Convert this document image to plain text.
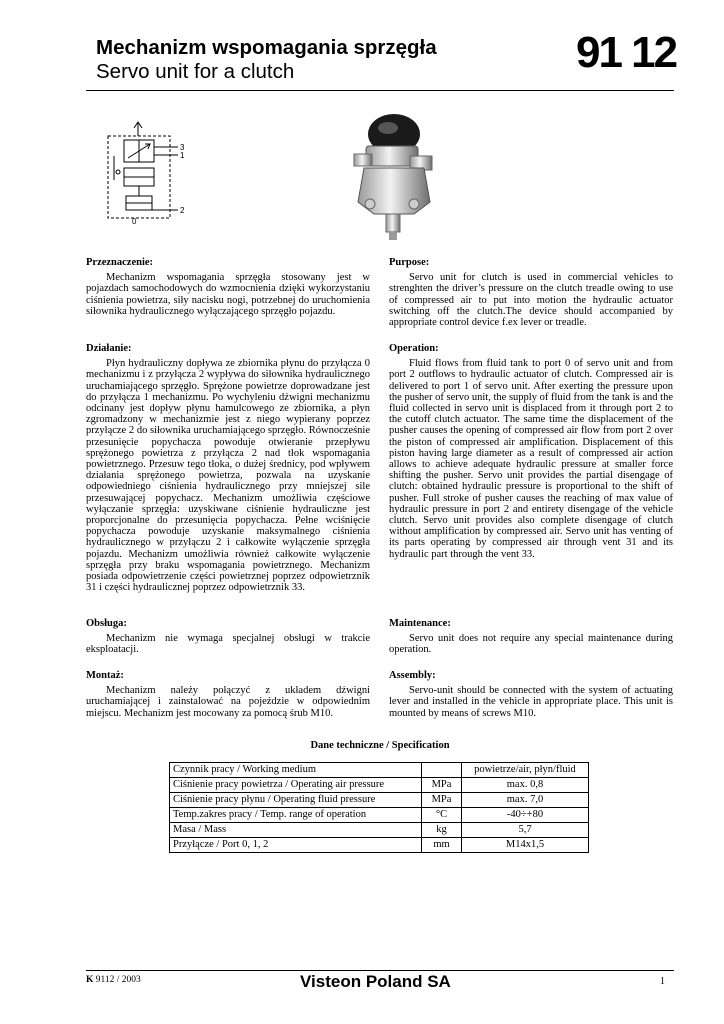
Mechanizm wspomagania sprzęgła
Servo unit for a clutch	91 12
3
1
2
0
Przeznaczenie:

Mechanizm wspomagania sprzęgła stosowany jest w pojazdach samochodowych do wzmocnienia dzięki wykorzystaniu ciśnienia powietrza, siły nacisku nogi, potrzebnej do uruchomienia siłownika hydraulicznego wyłączającego sprzęgło pojazdu.

Działanie:

Płyn hydrauliczny dopływa ze zbiornika płynu do przyłącza 0 mechanizmu i z przyłącza 2 wypływa do siłownika hydraulicznego uruchamiającego sprzęgło. Sprężone powietrze doprowadzane jest do przyłącza 1 mechanizmu. Po wychyleniu dźwigni mechanizmu odcinany jest dopływ płynu hamulcowego ze zbiornika, a płyn zgromadzony w mechanizmie jest z niego wypierany poprzez przyłącze 2 do siłownika uruchamiającego sprzęgło. Równocześnie przesunięcie popychacza powoduje otwieranie przepływu sprężonego powietrza z przyłącza 2 nad tłok wspomagania powietrznego. Przesuw tego tłoka, o dużej średnicy, pod wpływem działania sprężonego powietrza, pozwala na uzyskanie odpowiedniego ciśnienia hydraulicznego przy mniejszej sile przesuwającej popychacz. Mechanizm umożliwia częściowe wyłączanie sprzęgła: uzyskiwane ciśnienie hydrauliczne jest proporcjonalne do przesunięcia popychacza. Pełne wciśnięcie popychacza powoduje uzyskanie maksymalnego ciśnienia hydraulicznego w przyłączu 2 i całkowite wyłączenie sprzęgła pojazdu. Mechanizm umożliwia również całkowite wyłączenie sprzęgła przy braku wspomagania powietrznego. Mechanizm posiada odpowietrzenie części powietrznej poprzez odpowietrznik 31 i części hydraulicznej poprzez odpowietrznik 33.

Obsługa:

Mechanizm nie wymaga specjalnej obsługi w trakcie eksploatacji.

Montaż:

Mechanizm należy połączyć z układem dźwigni uruchamiającej i zainstalować na pojeździe w odpowiednim miejscu. Mechanizm jest mocowany za pomocą śrub M10.

Purpose:

Servo unit for clutch is used in commercial vehicles to strenghten the driver’s pressure on the clutch treadle owing to use of compressed air to put into motion the hydraulic actuator switching off the clutch.The device should accompanied by appropriate control device f.ex lever or treadle.

Operation:

Fluid flows from fluid tank to port 0 of servo unit and from port 2 outflows to hydraulic actuator of clutch. Compressed air is delivered to port 1 of servo unit. After exerting the pressure upon the pusher of servo unit, the supply of fluid from the tank is and the fluid collected in servo unit is displaced from it through port 2 to the cutoff clutch actuator. The same time the displacement of the pusher causes the opening of compressed air flow from port 2 over the piston of compressed air amplification. Displacement of this piston having large diameter as a result of compressed air action allows to achieve adequate hydraulic pressure at smaller force shifting the pusher. Servo unit provides the partial disengage of clutch: obtained hydraulic pressure is proportional to the shift of pusher. Full stroke of pusher causes the reaching of max value of hydraulic pressure in port 2 and entirety disengage of the vehicle clutch. Servo unit provides also complete disengage of clutch without amplification by compressed air. Servo unit has venting of its parts operating by compressed air through vent 31 and its hydraulic part through the vent 33.

Maintenance:

Servo unit does not require any special maintenance during operation.

Assembly:

Servo-unit should be connected with the system of actuating lever and installed in the vehicle in appropriate place. This unit is mounted by means of screws M10.

Dane techniczne / Specification
Czynnik pracy / Working medium		powietrze/air, płyn/fluid
Ciśnienie pracy powietrza / Operating air pressure	MPa	max. 0,8
Ciśnienie pracy płynu / Operating fluid pressure	MPa	max. 7,0
Temp.zakres pracy / Temp. range of operation	°C	-40÷+80
Masa / Mass	kg	5,7
Przyłącze / Port 0, 1, 2	mm	M14x1,5
K 9112 / 2003	Visteon Poland SA	1
